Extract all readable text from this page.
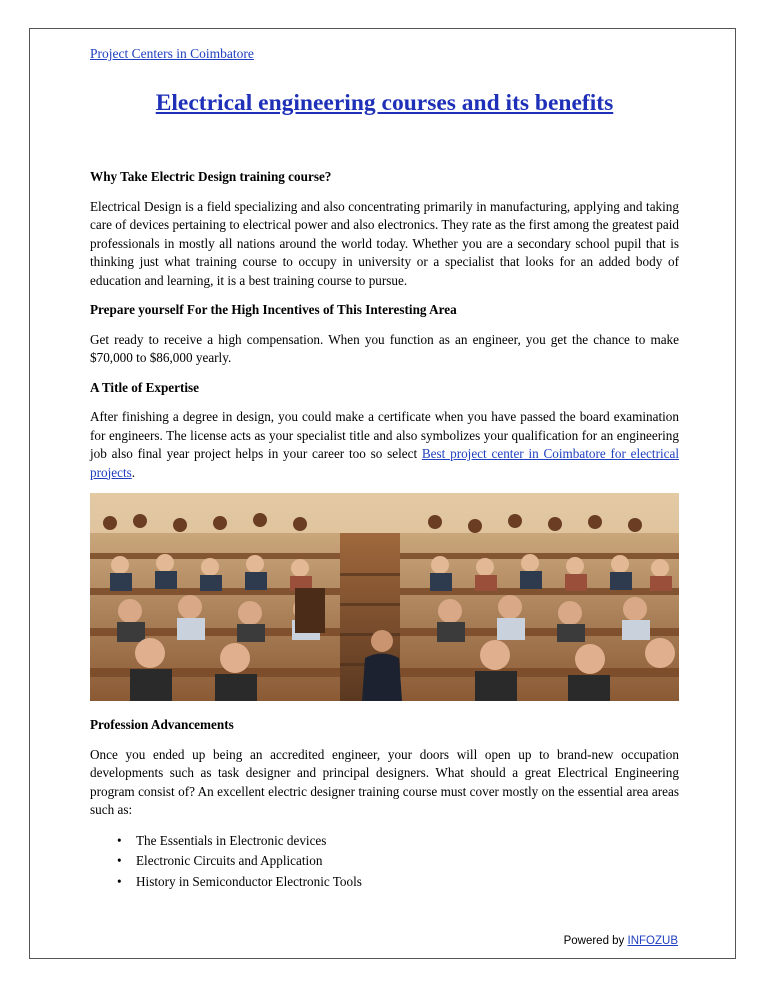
Project Centers in Coimbatore
Electrical engineering courses and its benefits
Why Take Electric Design training course?

Electrical Design is a field specializing and also concentrating primarily in manufacturing, applying and taking care of devices pertaining to electrical power and also electronics. They rate as the first among the greatest paid professionals in mostly all nations around the world today. Whether you are a secondary school pupil that is thinking just what training course to occupy in university or a specialist that looks for an added body of education and learning, it is a best training course to pursue.

Prepare yourself For the High Incentives of This Interesting Area

Get ready to receive a high compensation. When you function as an engineer, you get the chance to make $70,000 to $86,000 yearly.

A Title of Expertise

After finishing a degree in design, you could make a certificate when you have passed the board examination for engineers. The license acts as your specialist title and also symbolizes your qualification for an engineering job also final year project helps in your career too so select Best project center in Coimbatore for electrical projects.

Profession Advancements

Once you ended up being an accredited engineer, your doors will open up to brand-new occupation developments such as task designer and principal designers. What should a great Electrical Engineering program consist of? An excellent electric designer training course must cover mostly on the essential area areas such as:

• The Essentials in Electronic devices
• Electronic Circuits and Application
• History in Semiconductor Electronic Tools
Powered by INFOZUB
